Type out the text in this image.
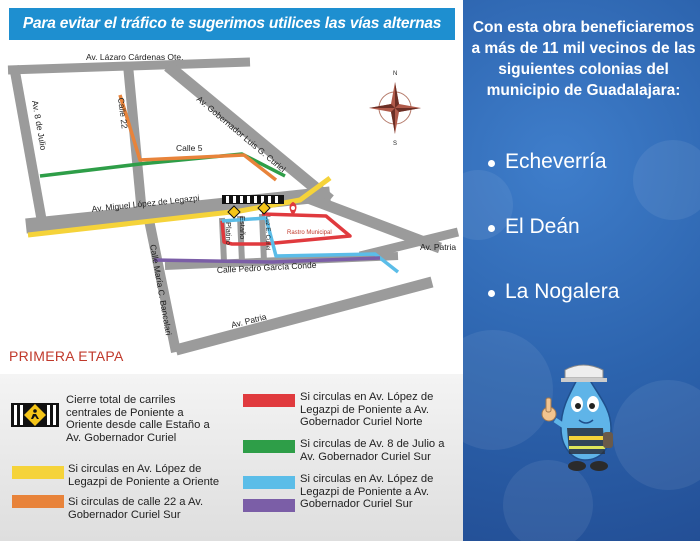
Para evitar el tráfico te sugerimos utilices las vías alternas
Av. Lázaro Cárdenas Ote.
Av. 8 de Julio	Calle 22	Av. Gobernador Luis G. Curiel
Calle 5
Av. Miguel López de Legazpi
Estaño
Platino	Luz E. Curiel	Rastro Municipal
Av. Patria
Calle Pedro García Conde
Calle María C. Bancalari	Av. Patria
N
S
PRIMERA ETAPA
Cierre total de carriles centrales de Poniente a Oriente desde calle Estaño a Av. Gobernador Curiel
Si circulas en Av. López de Legazpi de Poniente a Oriente
Si circulas de calle 22 a Av. Gobernador Curiel Sur
Si circulas en Av. López de Legazpi de Poniente a Av. Gobernador Curiel Norte
Si circulas de Av. 8 de Julio a Av. Gobernador Curiel Sur
Si circulas en Av. López de Legazpi de Poniente a Av. Gobernador Curiel Sur
Con esta obra beneficiaremos a más de 11 mil vecinos de las siguientes colonias del municipio de Guadalajara:
Echeverría
El Deán
La Nogalera
